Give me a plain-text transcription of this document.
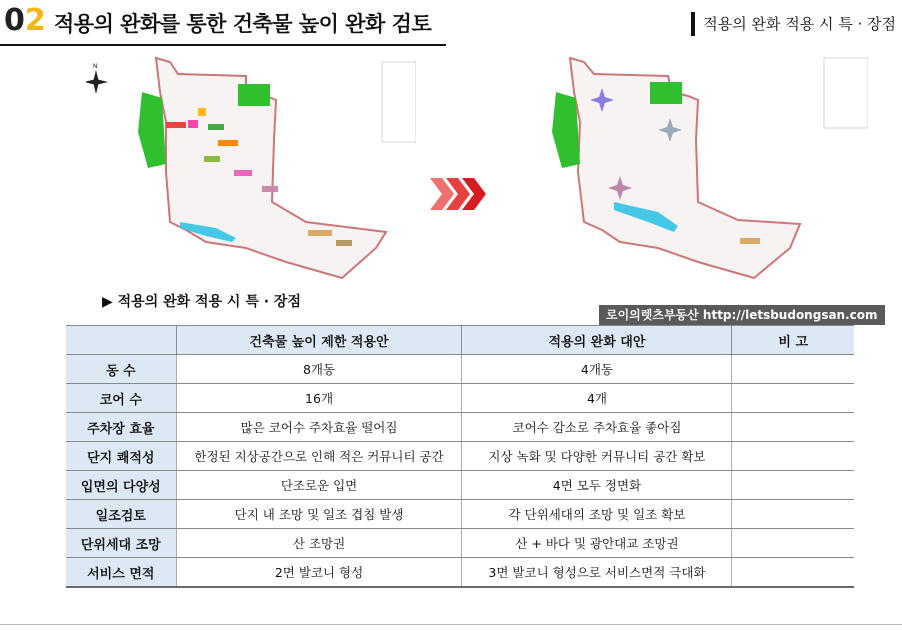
02 적용의 완화를 통한 건축물 높이 완화 검토	적용의 완화 적용 시 특 · 장점
N
▶ 적용의 완화 적용 시 특 · 장점
로이의렛츠부동산 http://letsbudongsan.com
	건축물 높이 제한 적용안	적용의 완화 대안	비 고
동 수	8개동	4개동	
코어 수	16개	4개	
주차장 효율	많은 코어수 주차효율 떨어짐	코어수 감소로 주차효율 좋아짐	
단지 쾌적성	한정된 지상공간으로 인해 적은 커뮤니티 공간	지상 녹화 및 다양한 커뮤니티 공간 확보	
입면의 다양성	단조로운 입면	4면 모두 정면화	
일조검토	단지 내 조망 및 일조 겹침 발생	각 단위세대의 조망 및 일조 확보	
단위세대 조망	산 조망권	산 + 바다 및 광안대교 조망권	
서비스 면적	2면 발코니 형성	3면 발코니 형성으로 서비스면적 극대화	
